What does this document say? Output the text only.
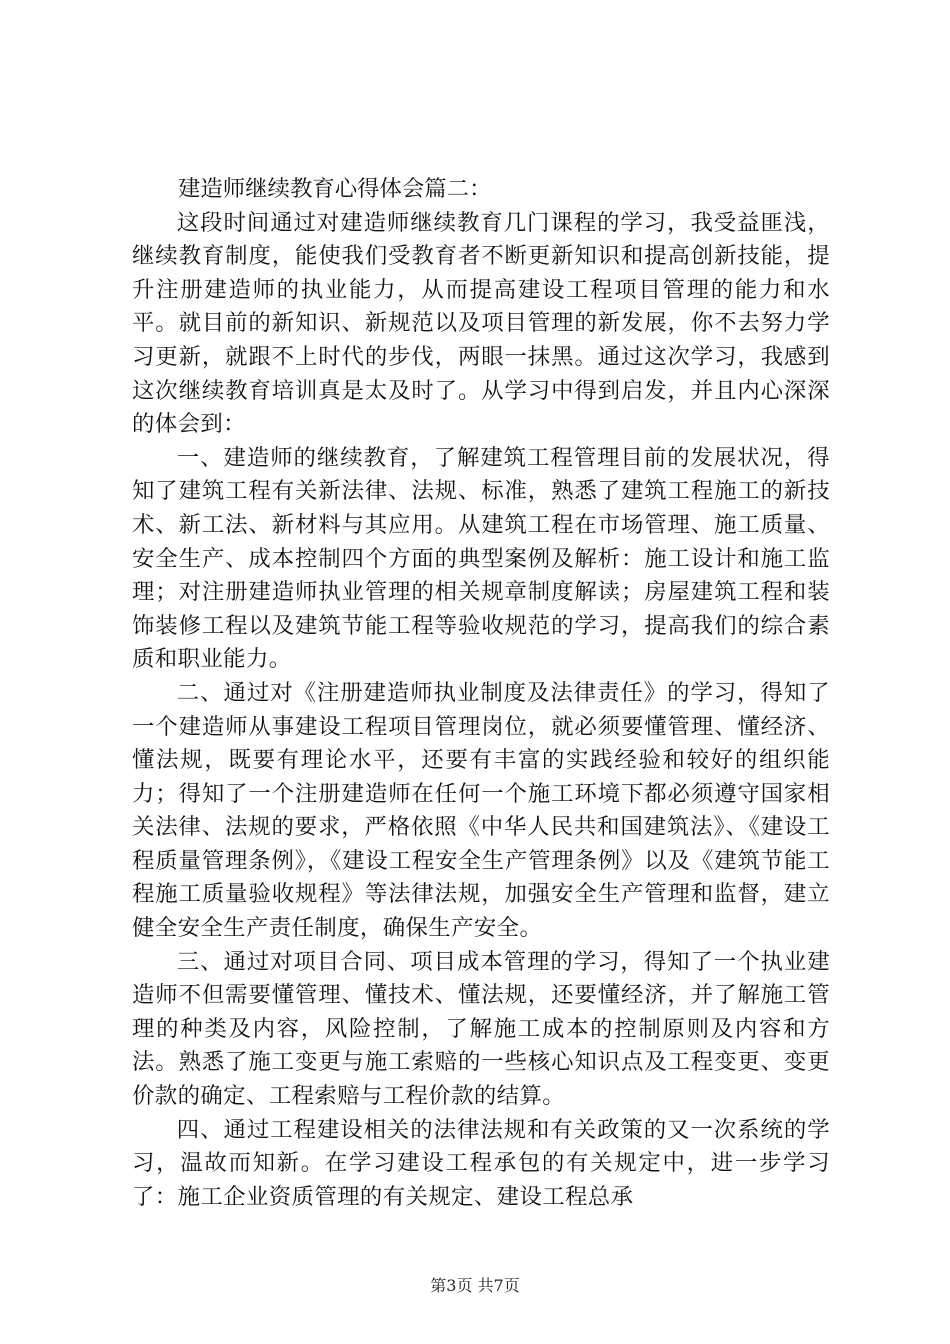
建造师继续教育心得体会篇二：

这段时间通过对建造师继续教育几门课程的学习，我受益匪浅，继续教育制度，能使我们受教育者不断更新知识和提高创新技能，提升注册建造师的执业能力，从而提高建设工程项目管理的能力和水平。就目前的新知识、新规范以及项目管理的新发展，你不去努力学习更新，就跟不上时代的步伐，两眼一抹黑。通过这次学习，我感到这次继续教育培训真是太及时了。从学习中得到启发，并且内心深深的体会到：

一、建造师的继续教育，了解建筑工程管理目前的发展状况，得知了建筑工程有关新法律、法规、标准，熟悉了建筑工程施工的新技术、新工法、新材料与其应用。从建筑工程在市场管理、施工质量、安全生产、成本控制四个方面的典型案例及解析：施工设计和施工监理；对注册建造师执业管理的相关规章制度解读；房屋建筑工程和装饰装修工程以及建筑节能工程等验收规范的学习，提高我们的综合素质和职业能力。

二、通过对《注册建造师执业制度及法律责任》的学习，得知了一个建造师从事建设工程项目管理岗位，就必须要懂管理、懂经济、懂法规，既要有理论水平，还要有丰富的实践经验和较好的组织能力；得知了一个注册建造师在任何一个施工环境下都必须遵守国家相关法律、法规的要求，严格依照《中华人民共和国建筑法》、《建设工程质量管理条例》，《建设工程安全生产管理条例》以及《建筑节能工程施工质量验收规程》等法律法规，加强安全生产管理和监督，建立健全安全生产责任制度，确保生产安全。

三、通过对项目合同、项目成本管理的学习，得知了一个执业建造师不但需要懂管理、懂技术、懂法规，还要懂经济，并了解施工管理的种类及内容，风险控制，了解施工成本的控制原则及内容和方法。熟悉了施工变更与施工索赔的一些核心知识点及工程变更、变更价款的确定、工程索赔与工程价款的结算。

四、通过工程建设相关的法律法规和有关政策的又一次系统的学习，温故而知新。在学习建设工程承包的有关规定中，进一步学习了：施工企业资质管理的有关规定、建设工程总承

第3页 共7页
